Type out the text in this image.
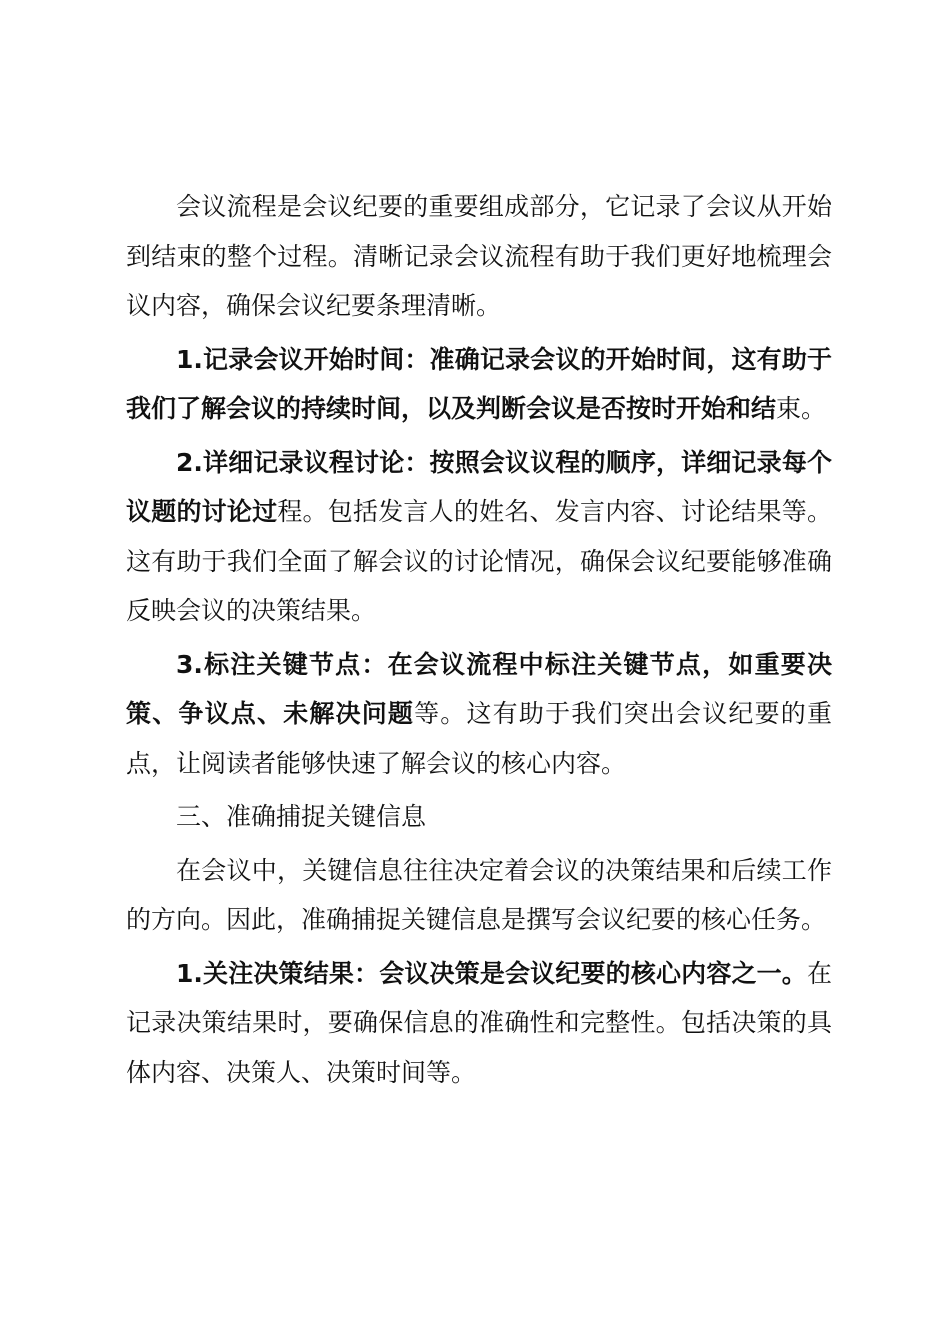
会议流程是会议纪要的重要组成部分，它记录了会议从开始到结束的整个过程。清晰记录会议流程有助于我们更好地梳理会议内容，确保会议纪要条理清晰。

1.记录会议开始时间：准确记录会议的开始时间，这有助于我们了解会议的持续时间，以及判断会议是否按时开始和结束。

2.详细记录议程讨论：按照会议议程的顺序，详细记录每个议题的讨论过程。包括发言人的姓名、发言内容、讨论结果等。这有助于我们全面了解会议的讨论情况，确保会议纪要能够准确反映会议的决策结果。

3.标注关键节点：在会议流程中标注关键节点，如重要决策、争议点、未解决问题等。这有助于我们突出会议纪要的重点，让阅读者能够快速了解会议的核心内容。

三、准确捕捉关键信息

在会议中，关键信息往往决定着会议的决策结果和后续工作的方向。因此，准确捕捉关键信息是撰写会议纪要的核心任务。

1.关注决策结果：会议决策是会议纪要的核心内容之一。在记录决策结果时，要确保信息的准确性和完整性。包括决策的具体内容、决策人、决策时间等。
